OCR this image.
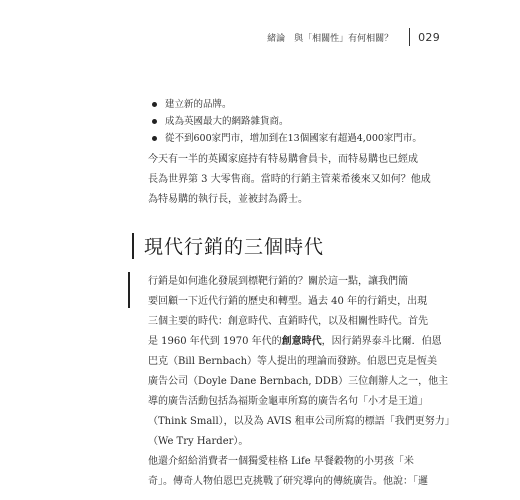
緒論　與「相關性」有何相關？ 029
建立新的品牌。
成為英國最大的網路雜貨商。
從不到600家門市，增加到在13個國家有超過4,000家門市。
今天有一半的英國家庭持有特易購會員卡，而特易購也已經成
長為世界第 3 大零售商。當時的行銷主管萊希後來又如何？他成
為特易購的執行長，並被封為爵士。
現代行銷的三個時代
行銷是如何進化發展到標靶行銷的？關於這一點，讓我們簡
要回顧一下近代行銷的歷史和轉型。過去 40 年的行銷史，出現
三個主要的時代：創意時代、直銷時代，以及相關性時代。首先
是 1960 年代到 1970 年代的創意時代，因行銷界泰斗比爾．伯恩
巴克（Bill Bernbach）等人提出的理論而發跡。伯恩巴克是恆美
廣告公司（Doyle Dane Bernbach, DDB）三位創辦人之一，他主
導的廣告活動包括為福斯金龜車所寫的廣告名句「小才是王道」
（Think Small），以及為 AVIS 租車公司所寫的標語「我們更努力」
（We Try Harder）。
他還介紹給消費者一個獨愛桂格 Life 早餐穀物的小男孩「米
奇」。傳奇人物伯恩巴克挑戰了研究導向的傳統廣告。他說：「邏
